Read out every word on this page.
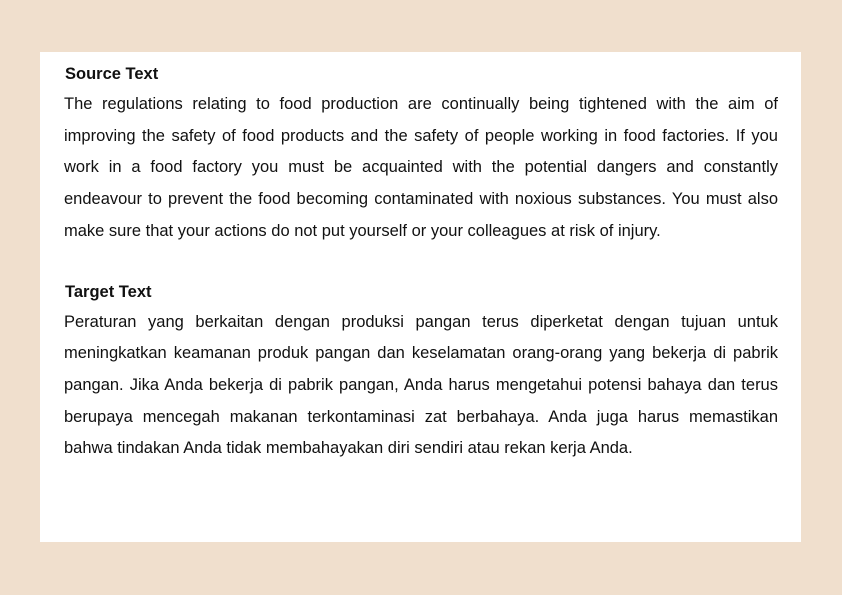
Source Text

The regulations relating to food production are continually being tightened with the aim of improving the safety of food products and the safety of people working in food factories. If you work in a food factory you must be acquainted with the potential dangers and constantly endeavour to prevent the food becoming contaminated with noxious substances. You must also make sure that your actions do not put yourself or your colleagues at risk of injury.

Target Text

Peraturan yang berkaitan dengan produksi pangan terus diperketat dengan tujuan untuk meningkatkan keamanan produk pangan dan keselamatan orang-orang yang bekerja di pabrik pangan. Jika Anda bekerja di pabrik pangan, Anda harus mengetahui potensi bahaya dan terus berupaya mencegah makanan terkontaminasi zat berbahaya. Anda juga harus memastikan bahwa tindakan Anda tidak membahayakan diri sendiri atau rekan kerja Anda.
